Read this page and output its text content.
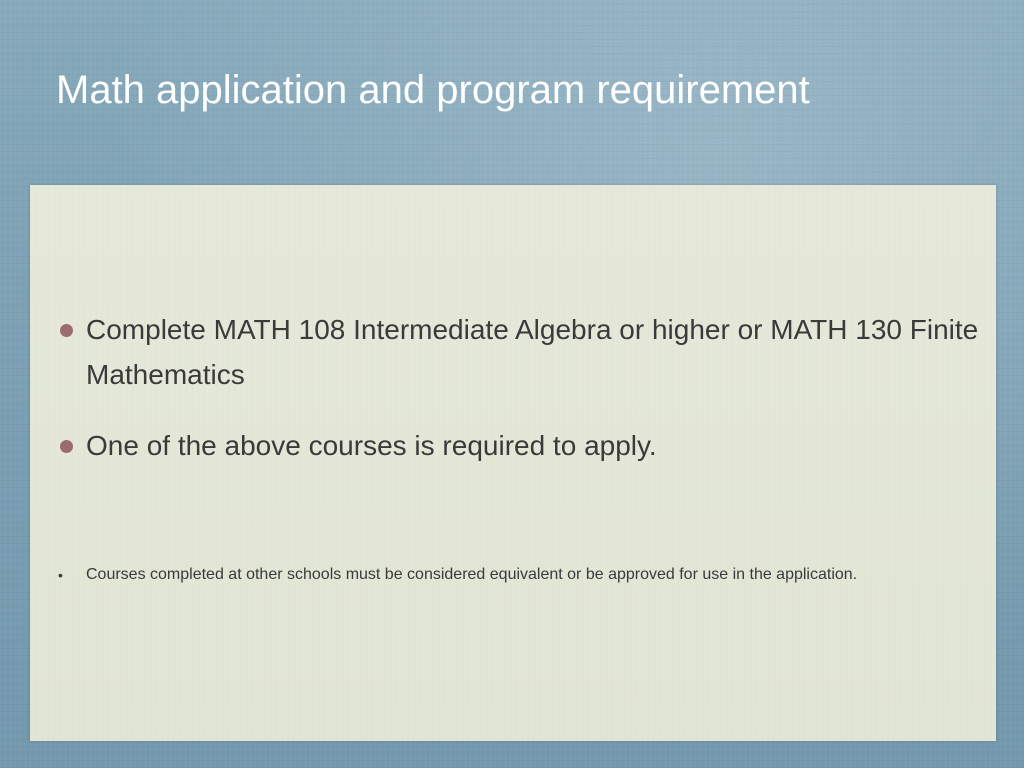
Math application and program requirement
Complete MATH 108 Intermediate Algebra or higher or MATH 130 Finite Mathematics
One of the above courses is required to apply.
• Courses completed at other schools must be considered equivalent or be approved for use in the application.
